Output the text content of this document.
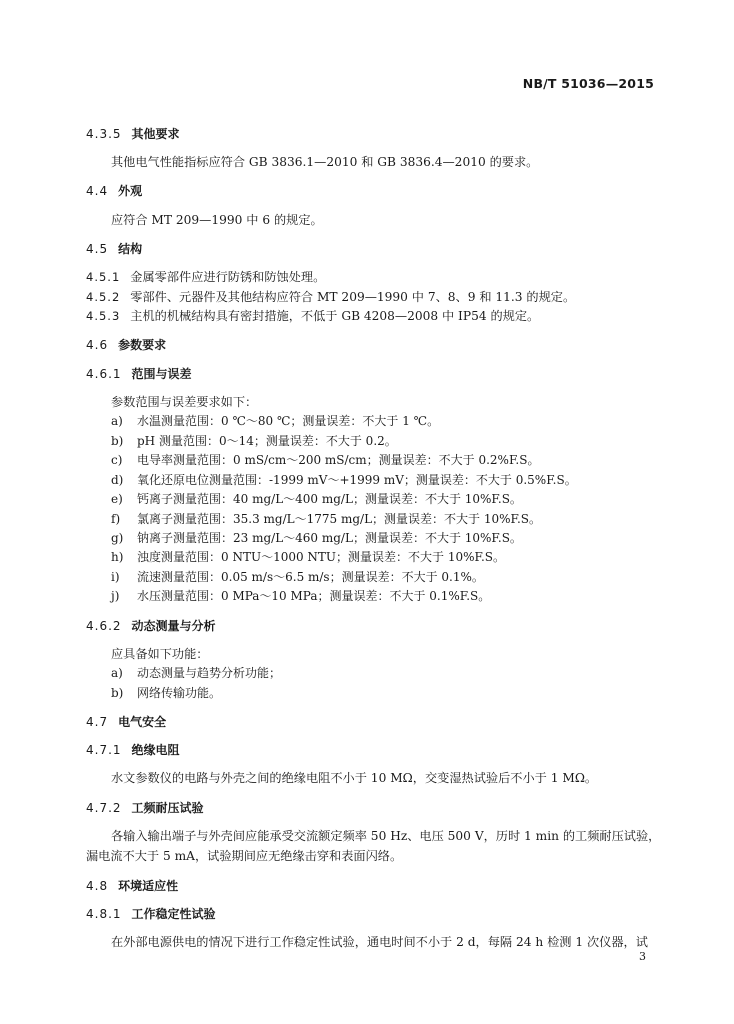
NB/T 51036—2015
4.3.5 其他要求
其他电气性能指标应符合 GB 3836.1—2010 和 GB 3836.4—2010 的要求。
4.4 外观
应符合 MT 209—1990 中 6 的规定。
4.5 结构
4.5.1 金属零部件应进行防锈和防蚀处理。
4.5.2 零部件、元器件及其他结构应符合 MT 209—1990 中 7、8、9 和 11.3 的规定。
4.5.3 主机的机械结构具有密封措施，不低于 GB 4208—2008 中 IP54 的规定。
4.6 参数要求
4.6.1 范围与误差
参数范围与误差要求如下：
a) 水温测量范围：0 ℃～80 ℃；测量误差：不大于 1 ℃。
b) pH 测量范围：0～14；测量误差：不大于 0.2。
c) 电导率测量范围：0 mS/cm～200 mS/cm；测量误差：不大于 0.2%F.S。
d) 氧化还原电位测量范围：-1999 mV～+1999 mV；测量误差：不大于 0.5%F.S。
e) 钙离子测量范围：40 mg/L～400 mg/L；测量误差：不大于 10%F.S。
f) 氯离子测量范围：35.3 mg/L～1775 mg/L；测量误差：不大于 10%F.S。
g) 钠离子测量范围：23 mg/L～460 mg/L；测量误差：不大于 10%F.S。
h) 浊度测量范围：0 NTU～1000 NTU；测量误差：不大于 10%F.S。
i) 流速测量范围：0.05 m/s～6.5 m/s；测量误差：不大于 0.1%。
j) 水压测量范围：0 MPa～10 MPa；测量误差：不大于 0.1%F.S。
4.6.2 动态测量与分析
应具备如下功能：
a) 动态测量与趋势分析功能；
b) 网络传输功能。
4.7 电气安全
4.7.1 绝缘电阻
水文参数仪的电路与外壳之间的绝缘电阻不小于 10 MΩ，交变湿热试验后不小于 1 MΩ。
4.7.2 工频耐压试验
各输入输出端子与外壳间应能承受交流额定频率 50 Hz、电压 500 V，历时 1 min 的工频耐压试验，
漏电流不大于 5 mA，试验期间应无绝缘击穿和表面闪络。
4.8 环境适应性
4.8.1 工作稳定性试验
在外部电源供电的情况下进行工作稳定性试验，通电时间不小于 2 d，每隔 24 h 检测 1 次仪器，试
3
